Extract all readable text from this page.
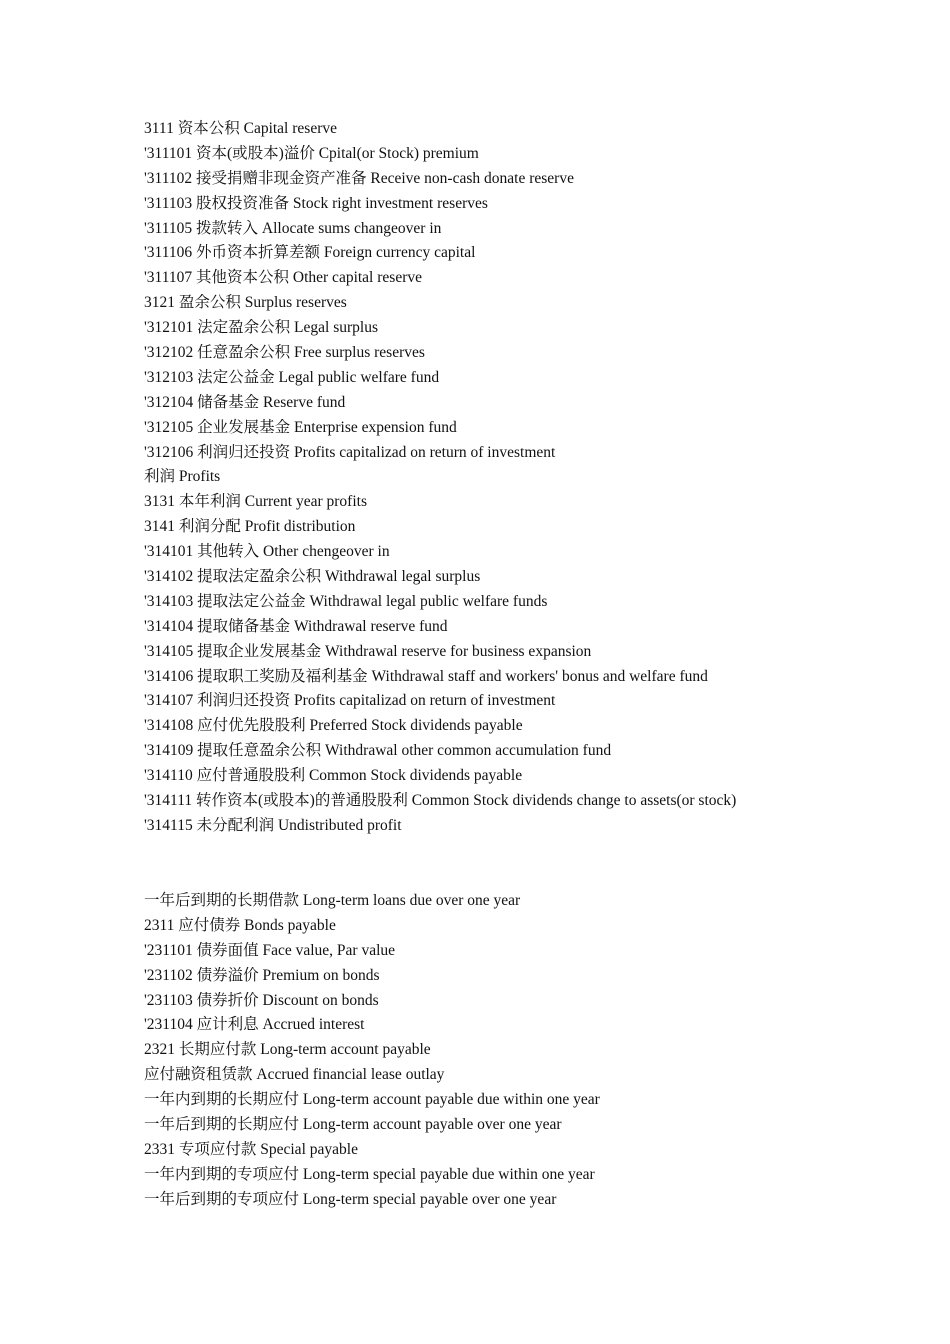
3111 资本公积 Capital reserve
'311101 资本(或股本)溢价 Cpital(or Stock) premium
'311102 接受捐赠非现金资产准备 Receive non-cash donate reserve
'311103 股权投资准备 Stock right investment reserves
'311105 拨款转入 Allocate sums changeover in
'311106 外币资本折算差额 Foreign currency capital
'311107 其他资本公积 Other capital reserve
3121 盈余公积 Surplus reserves
'312101 法定盈余公积 Legal surplus
'312102 任意盈余公积 Free surplus reserves
'312103 法定公益金 Legal public welfare fund
'312104 储备基金 Reserve fund
'312105 企业发展基金 Enterprise expension fund
'312106 利润归还投资 Profits capitalizad on return of investment
利润 Profits
3131 本年利润 Current year profits
3141 利润分配 Profit distribution
'314101 其他转入 Other chengeover in
'314102 提取法定盈余公积 Withdrawal legal surplus
'314103 提取法定公益金 Withdrawal legal public welfare funds
'314104 提取储备基金 Withdrawal reserve fund
'314105 提取企业发展基金 Withdrawal reserve for business expansion
'314106 提取职工奖励及福利基金 Withdrawal staff and workers' bonus and welfare fund
'314107 利润归还投资 Profits capitalizad on return of investment
'314108 应付优先股股利 Preferred Stock dividends payable
'314109 提取任意盈余公积 Withdrawal other common accumulation fund
'314110 应付普通股股利 Common Stock dividends payable
'314111 转作资本(或股本)的普通股股利 Common Stock dividends change to assets(or stock)
'314115 未分配利润 Undistributed profit
一年后到期的长期借款 Long-term loans due over one year
2311 应付债券 Bonds payable
'231101 债券面值 Face value, Par value
'231102 债券溢价 Premium on bonds
'231103 债券折价 Discount on bonds
'231104 应计利息 Accrued interest
2321 长期应付款 Long-term account payable
应付融资租赁款 Accrued financial lease outlay
一年内到期的长期应付 Long-term account payable due within one year
一年后到期的长期应付 Long-term account payable over one year
2331 专项应付款 Special payable
一年内到期的专项应付 Long-term special payable due within one year
一年后到期的专项应付 Long-term special payable over one year
